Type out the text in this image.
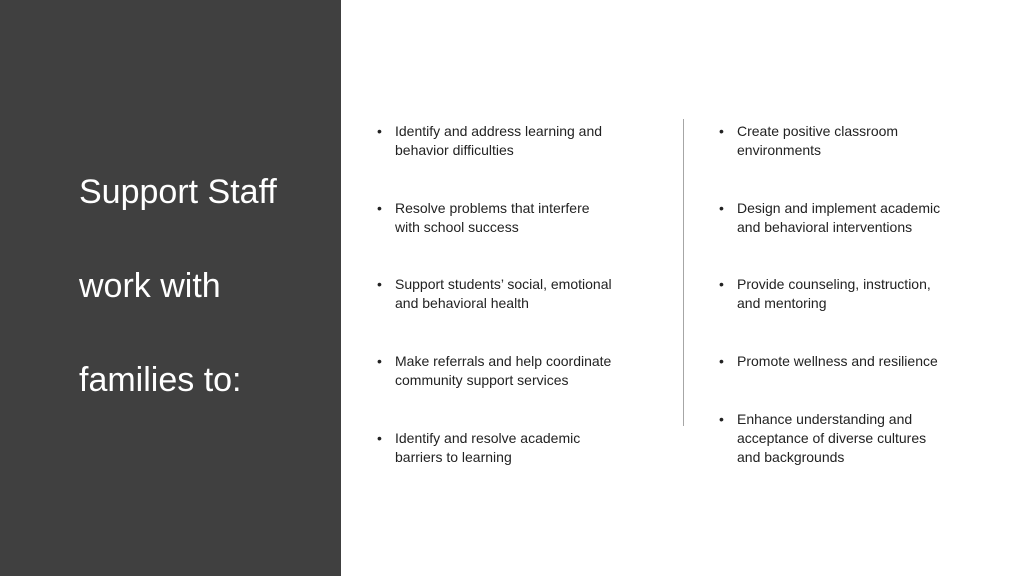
Support Staff

work with

families to:

• Identify and address learning and
behavior difficulties
• Resolve problems that interfere
with school success
• Support students’ social, emotional
and behavioral health
• Make referrals and help coordinate
community support services
• Identify and resolve academic
barriers to learning
• Create positive classroom
environments
• Design and implement academic
and behavioral interventions
• Provide counseling, instruction,
and mentoring
• Promote wellness and resilience
• Enhance understanding and
acceptance of diverse cultures
and backgrounds
